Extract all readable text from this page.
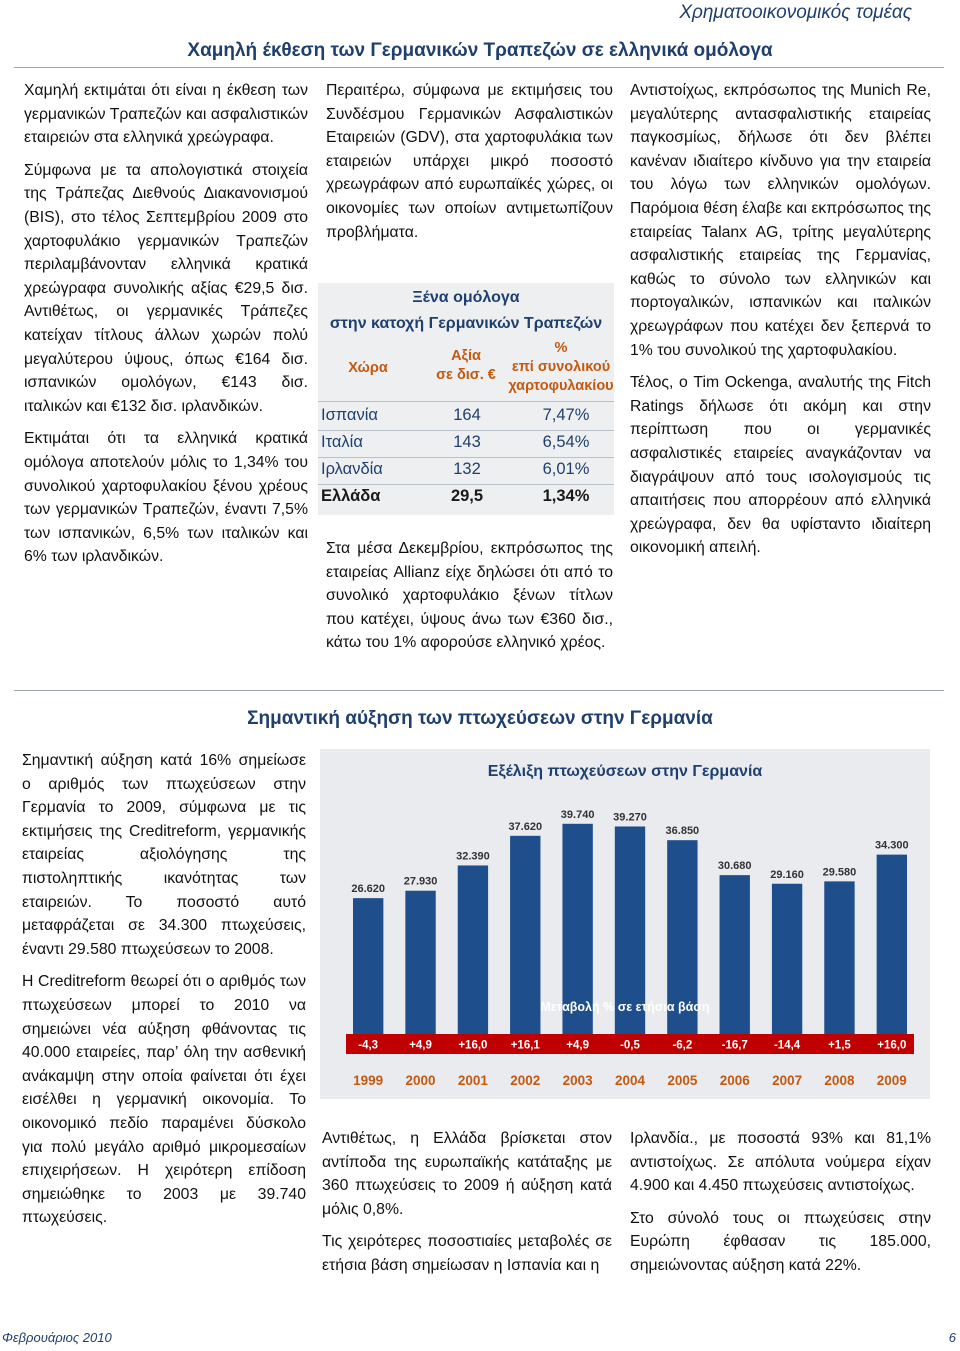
Χρηματοοικονομικός τομέας
Χαμηλή έκθεση των Γερμανικών Τραπεζών σε ελληνικά ομόλογα

Χαμηλή εκτιμάται ότι είναι η έκθεση των γερμανικών Τραπεζών και ασφαλιστικών εταιρειών στα ελληνικά χρεώγραφα.

Σύμφωνα με τα απολογιστικά στοιχεία της Τράπεζας Διεθνούς Διακανονισμού (BIS), στο τέλος Σεπτεμβρίου 2009 στο χαρτοφυλάκιο γερμανικών Τραπεζών περιλαμβάνονταν ελληνικά κρατικά χρεώγραφα συνολικής αξίας €29,5 δισ. Αντιθέτως, οι γερμανικές Τράπεζες κατείχαν τίτλους άλλων χωρών πολύ μεγαλύτερου ύψους, όπως €164 δισ. ισπανικών ομολόγων, €143 δισ. ιταλικών και €132 δισ. ιρλανδικών.

Εκτιμάται ότι τα ελληνικά κρατικά ομόλογα αποτελούν μόλις το 1,34% του συνολικού χαρτοφυλακίου ξένου χρέους των γερμανικών Τραπεζών, έναντι 7,5% των ισπανικών, 6,5% των ιταλικών και 6% των ιρλανδικών.

Περαιτέρω, σύμφωνα με εκτιμήσεις του Συνδέσμου Γερμανικών Ασφαλιστικών Εταιρειών (GDV), στα χαρτοφυλάκια των εταιρειών υπάρχει μικρό ποσοστό χρεωγράφων από ευρωπαϊκές χώρες, οι οικονομίες των οποίων αντιμετωπίζουν προβλήματα.

Ξένα ομόλογα
στην κατοχή Γερμανικών Τραπεζών
Χώρα
Αξία
σε δισ. €
%
επί συνολικού
χαρτοφυλακίου
Ισπανία	164	7,47%
Ιταλία	143	6,54%
Ιρλανδία	132	6,01%
Ελλάδα	29,5	1,34%

Στα μέσα Δεκεμβρίου, εκπρόσωπος της εταιρείας Allianz είχε δηλώσει ότι από το συνολικό χαρτοφυλάκιο ξένων τίτλων που κατέχει, ύψους άνω των €360 δισ., κάτω του 1% αφορούσε ελληνικό χρέος.

Αντιστοίχως, εκπρόσωπος της Munich Re, μεγαλύτερης αντασφαλιστικής εταιρείας παγκοσμίως, δήλωσε ότι δεν βλέπει κανέναν ιδιαίτερο κίνδυνο για την εταιρεία του λόγω των ελληνικών ομολόγων. Παρόμοια θέση έλαβε και εκπρόσωπος της εταιρείας Talanx AG, τρίτης μεγαλύτερης ασφαλιστικής εταιρείας της Γερμανίας, καθώς το σύνολο των ελληνικών και πορτογαλικών, ισπανικών και ιταλικών χρεωγράφων που κατέχει δεν ξεπερνά το 1% του συνολικού της χαρτοφυλακίου.

Τέλος, ο Tim Ockenga, αναλυτής της Fitch Ratings δήλωσε ότι ακόμη και στην περίπτωση που οι γερμανικές ασφαλιστικές εταιρείες αναγκάζονταν να διαγράψουν από τους ισολογισμούς τις απαιτήσεις που απορρέουν από ελληνικά χρεώγραφα, δεν θα υφίσταντο ιδιαίτερη οικονομική απειλή.

Σημαντική αύξηση των πτωχεύσεων στην Γερμανία

Σημαντική αύξηση κατά 16% σημείωσε ο αριθμός των πτωχεύσεων στην Γερμανία το 2009, σύμφωνα με τις εκτιμήσεις της Creditreform, γερμανικής εταιρείας αξιολόγησης της πιστοληπτικής ικανότητας των εταιρειών. Το ποσοστό αυτό μεταφράζεται σε 34.300 πτωχεύσεις, έναντι 29.580 πτωχεύσεων το 2008.

Η Creditreform θεωρεί ότι ο αριθμός των πτωχεύσεων μπορεί το 2010 να σημειώνει νέα αύξηση φθάνοντας τις 40.000 εταιρείες, παρ’ όλη την ασθενική ανάκαμψη στην οποία φαίνεται ότι έχει εισέλθει η γερμανική οικονομία. Το οικονομικό πεδίο παραμένει δύσκολο για πολύ μεγάλο αριθμό μικρομεσαίων επιχειρήσεων. Η χειρότερη επίδοση σημειώθηκε το 2003 με 39.740 πτωχεύσεις.

Εξέλιξη πτωχεύσεων στην Γερμανία
26.620
27.930
32.390
37.620
39.740 39.270
36.850
30.680
29.160 29.580
34.300
Μεταβολή % σε ετήσια βάση
-4,3	+4,9 +16,0 +16,1 +4,9	-0,5	-6,2	-16,7 -14,4 +1,5 +16,0
1999 2000 2001 2002 2003 2004 2005 2006 2007 2008 2009

Αντιθέτως, η Ελλάδα βρίσκεται στον αντίποδα της ευρωπαϊκής κατάταξης με 360 πτωχεύσεις το 2009 ή αύξηση κατά μόλις 0,8%.

Τις χειρότερες ποσοστιαίες μεταβολές σε ετήσια βάση σημείωσαν η Ισπανία και η

Ιρλανδία., με ποσοστά 93% και 81,1% αντιστοίχως. Σε απόλυτα νούμερα είχαν 4.900 και 4.450 πτωχεύσεις αντιστοίχως.

Στο σύνολό τους οι πτωχεύσεις στην Ευρώπη έφθασαν τις 185.000, σημειώνοντας αύξηση κατά 22%.

Φεβρουάριος 2010	6
